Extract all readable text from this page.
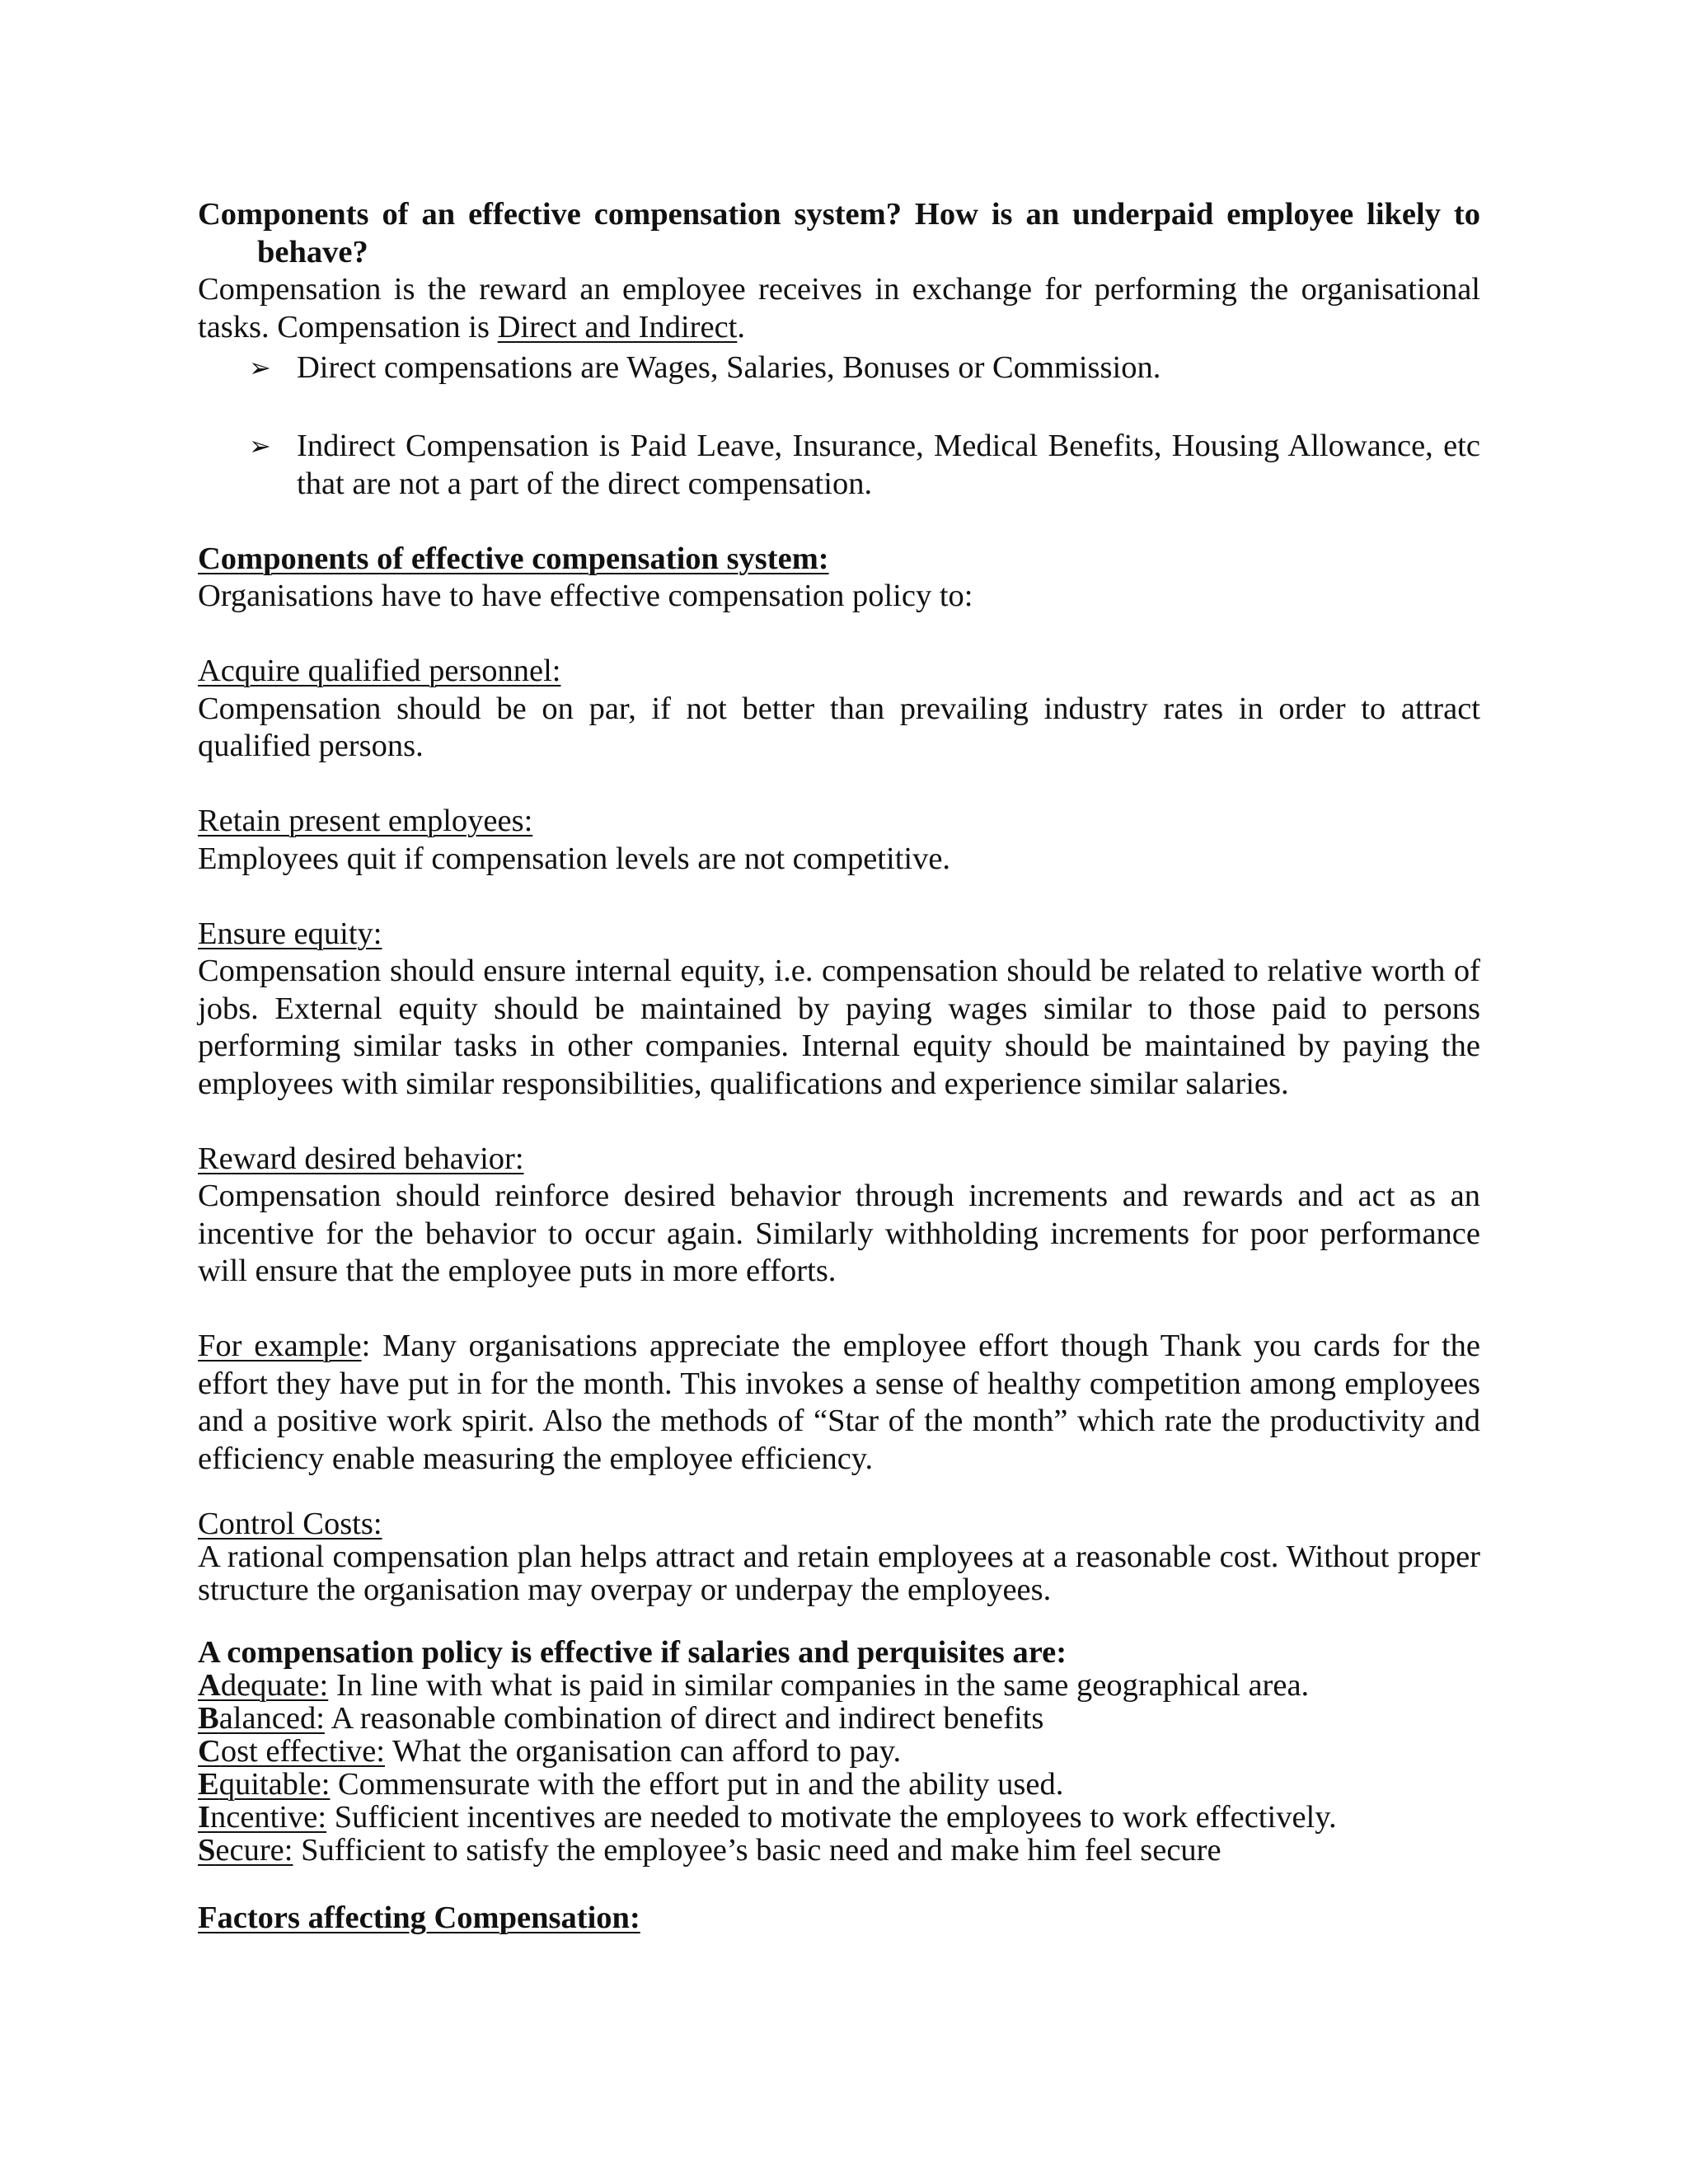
Components of an effective compensation system? How is an underpaid employee likely to behave?
Compensation is the reward an employee receives in exchange for performing the organisational tasks. Compensation is Direct and Indirect.
➢ Direct compensations are Wages, Salaries, Bonuses or Commission.
➢ Indirect Compensation is Paid Leave, Insurance, Medical Benefits, Housing Allowance, etc that are not a part of the direct compensation.
Components of effective compensation system:
Organisations have to have effective compensation policy to:
Acquire qualified personnel:
Compensation should be on par, if not better than prevailing industry rates in order to attract qualified persons.
Retain present employees:
Employees quit if compensation levels are not competitive.
Ensure equity:
Compensation should ensure internal equity, i.e. compensation should be related to relative worth of jobs. External equity should be maintained by paying wages similar to those paid to persons performing similar tasks in other companies. Internal equity should be maintained by paying the employees with similar responsibilities, qualifications and experience similar salaries.
Reward desired behavior:
Compensation should reinforce desired behavior through increments and rewards and act as an incentive for the behavior to occur again. Similarly withholding increments for poor performance will ensure that the employee puts in more efforts.
For example: Many organisations appreciate the employee effort though Thank you cards for the effort they have put in for the month. This invokes a sense of healthy competition among employees and a positive work spirit. Also the methods of “Star of the month” which rate the productivity and efficiency enable measuring the employee efficiency.
Control Costs:
A rational compensation plan helps attract and retain employees at a reasonable cost. Without proper structure the organisation may overpay or underpay the employees.
A compensation policy is effective if salaries and perquisites are:
Adequate: In line with what is paid in similar companies in the same geographical area.
Balanced: A reasonable combination of direct and indirect benefits
Cost effective: What the organisation can afford to pay.
Equitable: Commensurate with the effort put in and the ability used.
Incentive: Sufficient incentives are needed to motivate the employees to work effectively.
Secure: Sufficient to satisfy the employee’s basic need and make him feel secure
Factors affecting Compensation:
